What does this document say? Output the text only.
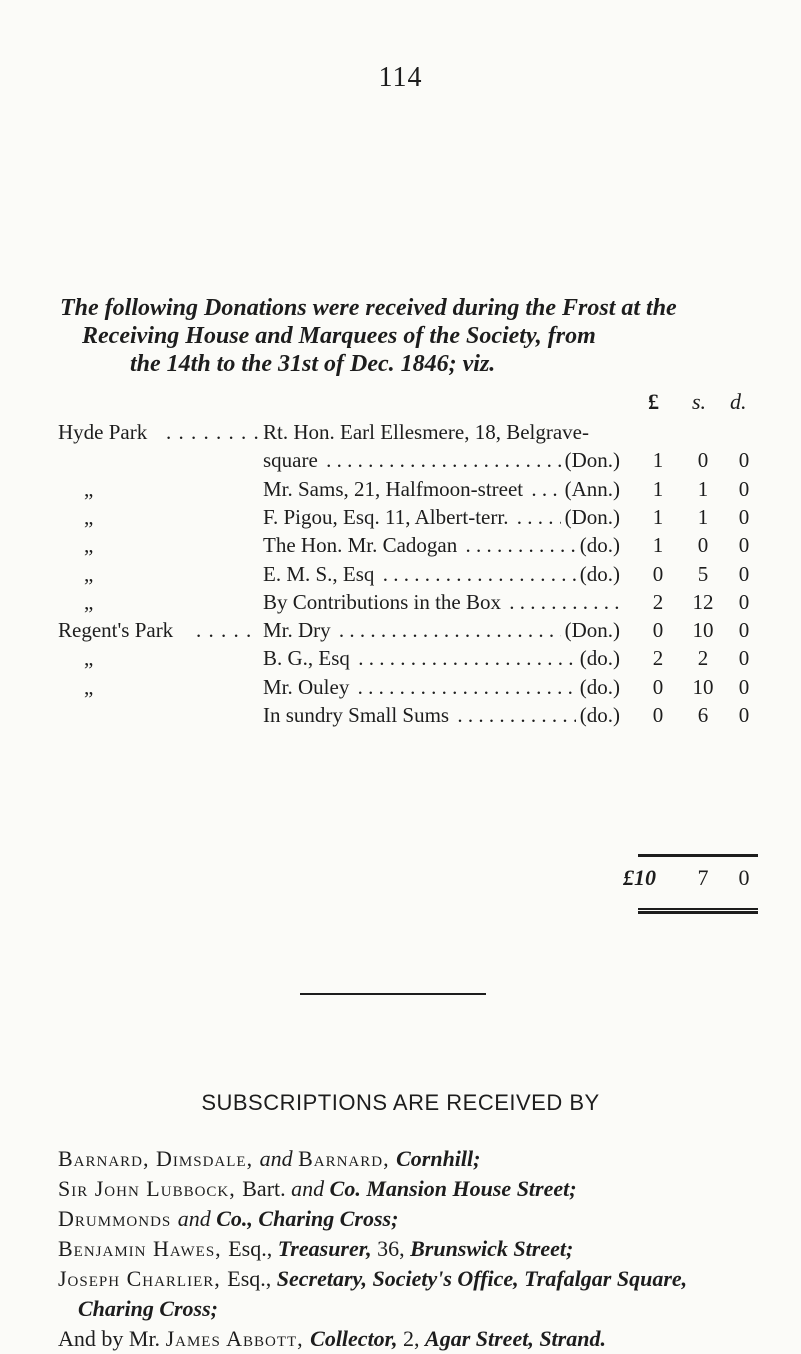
114
The following Donations were received during the Frost at the
Receiving House and Marquees of the Society, from
the 14th to the 31st of Dec. 1846; viz.
£ s. d.
Hyde Park . . . . . . . . Rt. Hon. Earl Ellesmere, 18, Belgrave-
square . . .	(Don.)	1	0	0
„	Mr. Sams, 21, Halfmoon-street . . .	(Ann.)	1	1	0
„	F. Pigou, Esq. 11, Albert-terr. . . .	(Don.)	1	1	0
„	The Hon. Mr. Cadogan . . .	(do.)	1	0	0
„	E. M. S., Esq . . .	(do.)	0	5	0
„	By Contributions in the Box . . .	2	12	0
Regent's Park . . . . . Mr. Dry . . .	(Don.)	0	10	0
„	B. G., Esq . . .	(do.)	2	2	0
„	Mr. Ouley . . .	(do.)	0	10	0
In sundry Small Sums . . .	(do.)	0	6	0
£10	7	0
SUBSCRIPTIONS ARE RECEIVED BY
Barnard, Dimsdale, and Barnard, Cornhill;
Sir John Lubbock, Bart. and Co. Mansion House Street;
Drummonds and Co., Charing Cross;
Benjamin Hawes, Esq., Treasurer, 36, Brunswick Street;
Joseph Charlier, Esq., Secretary, Society's Office, Trafalgar Square,
Charing Cross;
And by Mr. James Abbott, Collector, 2, Agar Street, Strand.
